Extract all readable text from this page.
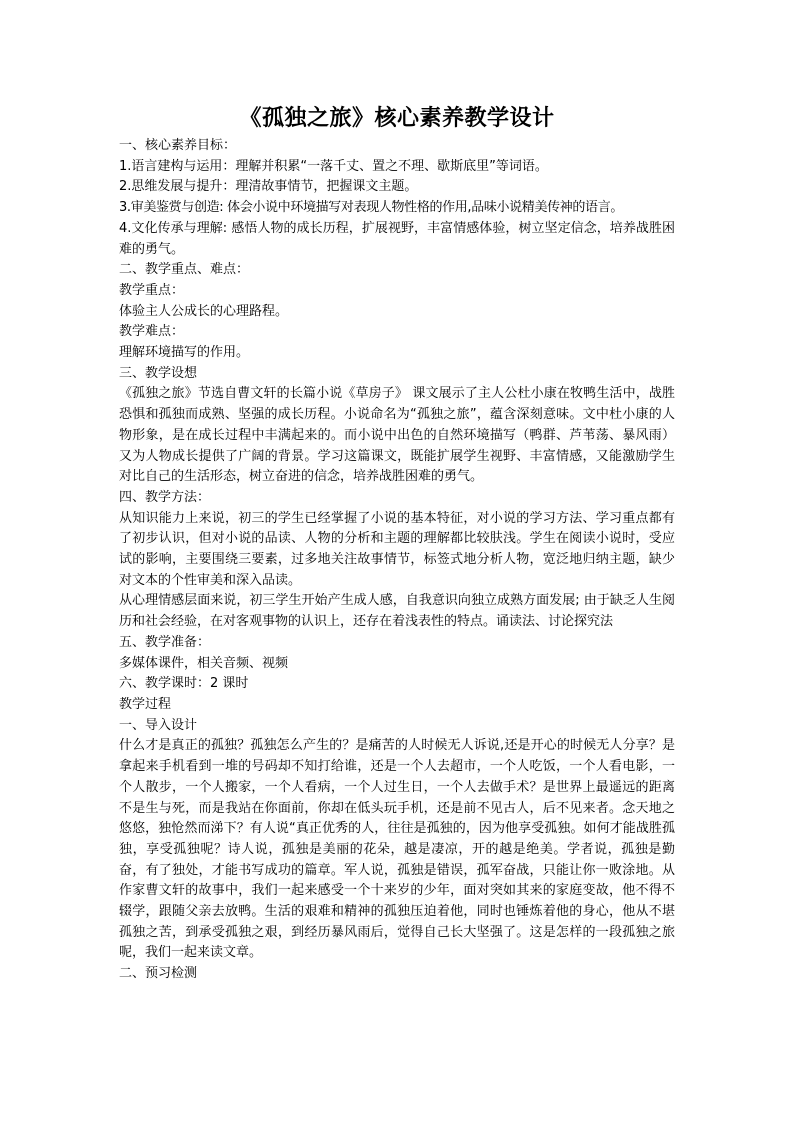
《孤独之旅》核心素养教学设计

一、核心素养目标：

1.语言建构与运用：理解并积累“一落千丈、置之不理、歇斯底里”等词语。

2.思维发展与提升：理清故事情节，把握课文主题。

3.审美鉴赏与创造: 体会小说中环境描写对表现人物性格的作用,品味小说精美传神的语言。

4.文化传承与理解: 感悟人物的成长历程，扩展视野，丰富情感体验，树立坚定信念，培养战胜困难的勇气。

二、教学重点、难点：

教学重点：

体验主人公成长的心理路程。

教学难点：

理解环境描写的作用。

三、教学设想

《孤独之旅》节选自曹文轩的长篇小说《草房子》 课文展示了主人公杜小康在牧鸭生活中，战胜恐惧和孤独而成熟、坚强的成长历程。小说命名为“孤独之旅”，蕴含深刻意味。文中杜小康的人物形象，是在成长过程中丰满起来的。而小说中出色的自然环境描写（鸭群、芦苇荡、暴风雨）又为人物成长提供了广阔的背景。学习这篇课文，既能扩展学生视野、丰富情感，又能激励学生对比自己的生活形态，树立奋进的信念，培养战胜困难的勇气。

四、教学方法：

从知识能力上来说，初三的学生已经掌握了小说的基本特征，对小说的学习方法、学习重点都有了初步认识，但对小说的品读、人物的分析和主题的理解都比较肤浅。学生在阅读小说时，受应试的影响，主要围绕三要素，过多地关注故事情节，标签式地分析人物，宽泛地归纳主题，缺少对文本的个性审美和深入品读。

从心理情感层面来说，初三学生开始产生成人感，自我意识向独立成熟方面发展; 由于缺乏人生阅历和社会经验，在对客观事物的认识上，还存在着浅表性的特点。诵读法、讨论探究法

五、教学准备：

多媒体课件，相关音频、视频

六、教学课时：2 课时

教学过程

一、导入设计

什么才是真正的孤独？孤独怎么产生的？是痛苦的人时候无人诉说,还是开心的时候无人分享？是拿起来手机看到一堆的号码却不知打给谁，还是一个人去超市，一个人吃饭，一个人看电影，一个人散步，一个人搬家，一个人看病，一个人过生日，一个人去做手术？是世界上最遥远的距离不是生与死，而是我站在你面前，你却在低头玩手机，还是前不见古人，后不见来者。念天地之悠悠，独怆然而涕下？有人说“真正优秀的人，往往是孤独的，因为他享受孤独。如何才能战胜孤独，享受孤独呢？诗人说，孤独是美丽的花朵，越是凄凉，开的越是绝美。学者说，孤独是勤奋，有了独处，才能书写成功的篇章。军人说，孤独是错误，孤军奋战，只能让你一败涂地。从作家曹文轩的故事中，我们一起来感受一个十来岁的少年，面对突如其来的家庭变故，他不得不辍学，跟随父亲去放鸭。生活的艰难和精神的孤独压迫着他，同时也锤炼着他的身心，他从不堪孤独之苦，到承受孤独之艰，到经历暴风雨后，觉得自己长大坚强了。这是怎样的一段孤独之旅呢，我们一起来读文章。

二、预习检测
